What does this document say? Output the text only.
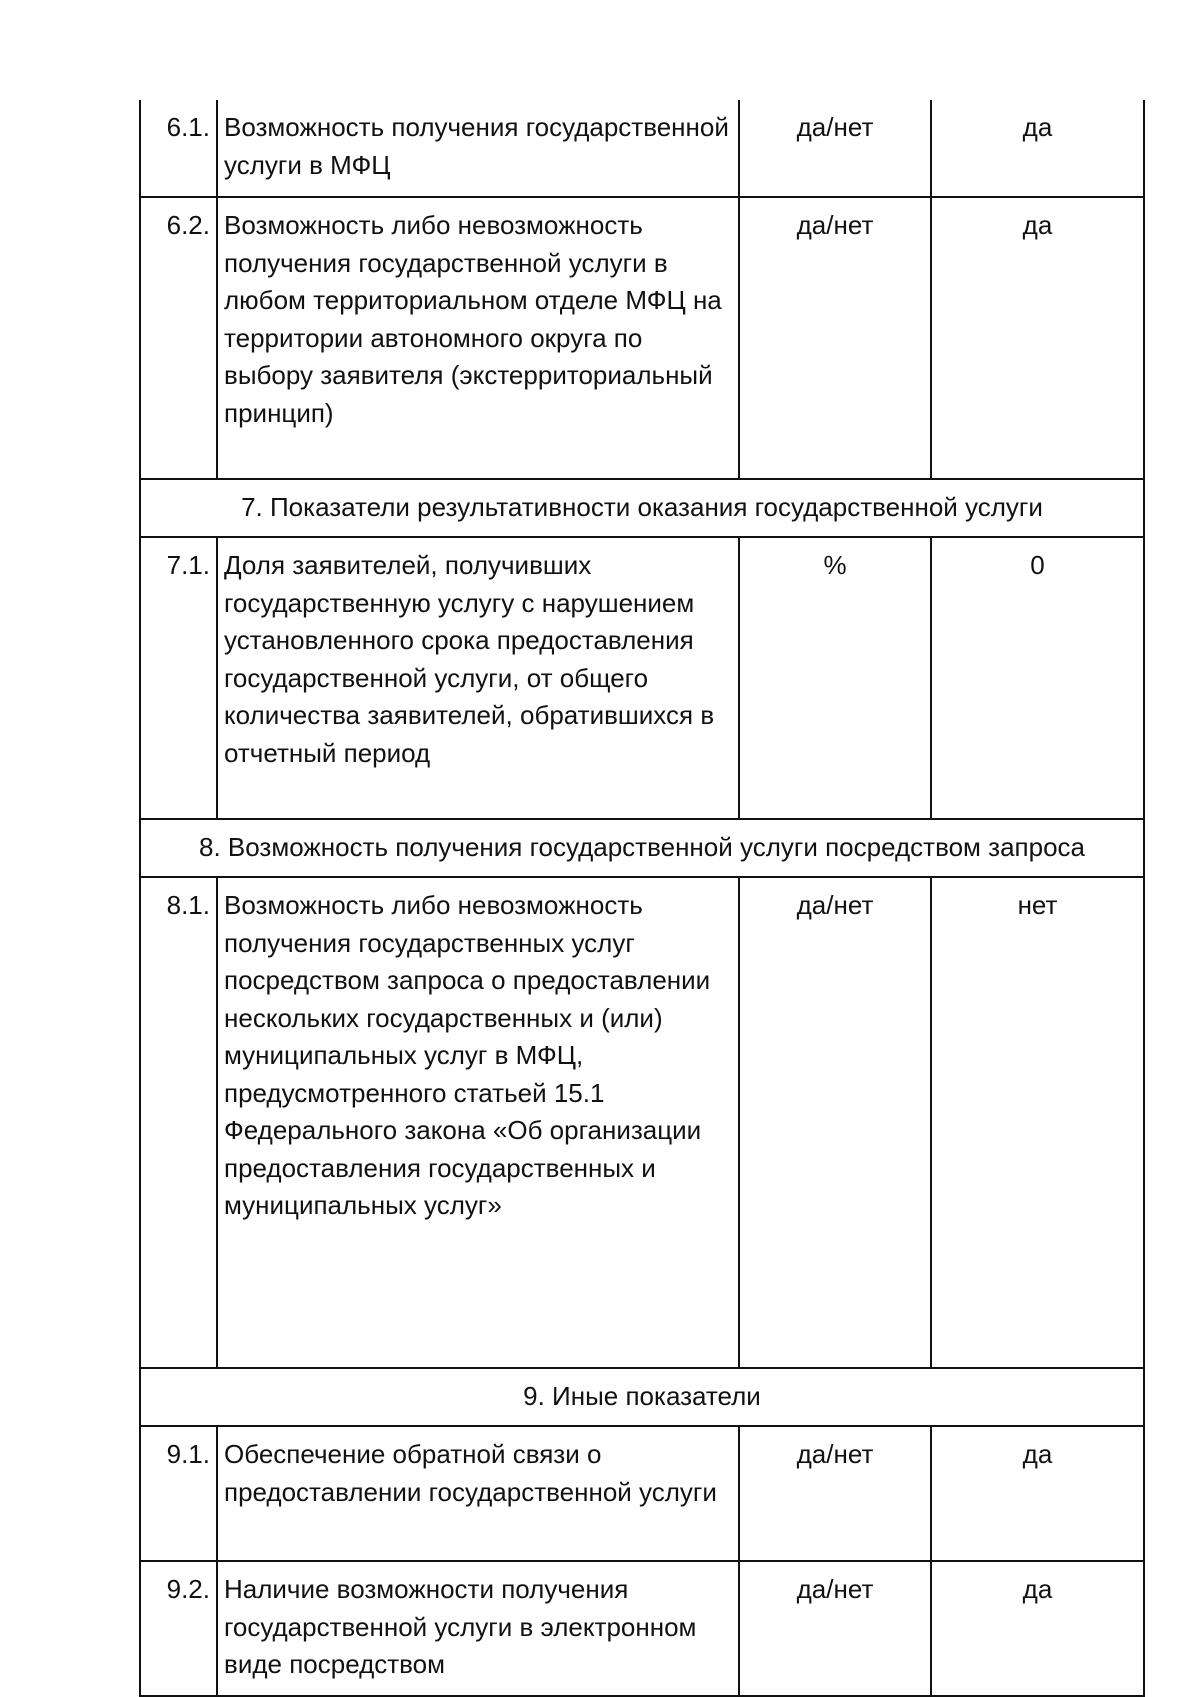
6.1.	Возможность получения государственной услуги в МФЦ	да/нет	да
6.2.	Возможность либо невозможность получения государственной услуги в любом территориальном отделе МФЦ на территории автономного округа по выбору заявителя (экстерриториальный принцип)	да/нет	да
7. Показатели результативности оказания государственной услуги			
7.1.	Доля заявителей, получивших государственную услугу с нарушением установленного срока предоставления государственной услуги, от общего количества заявителей, обратившихся в отчетный период	%	0
8. Возможность получения государственной услуги посредством запроса			
8.1.	Возможность либо невозможность получения государственных услуг посредством запроса о предоставлении нескольких государственных и (или) муниципальных услуг в МФЦ, предусмотренного статьей 15.1 Федерального закона «Об организации предоставления государственных и муниципальных услуг»	да/нет	нет
9. Иные показатели			
9.1.	Обеспечение обратной связи о предоставлении государственной услуги	да/нет	да
9.2.	Наличие возможности получения государственной услуги в электронном виде посредством	да/нет	да
